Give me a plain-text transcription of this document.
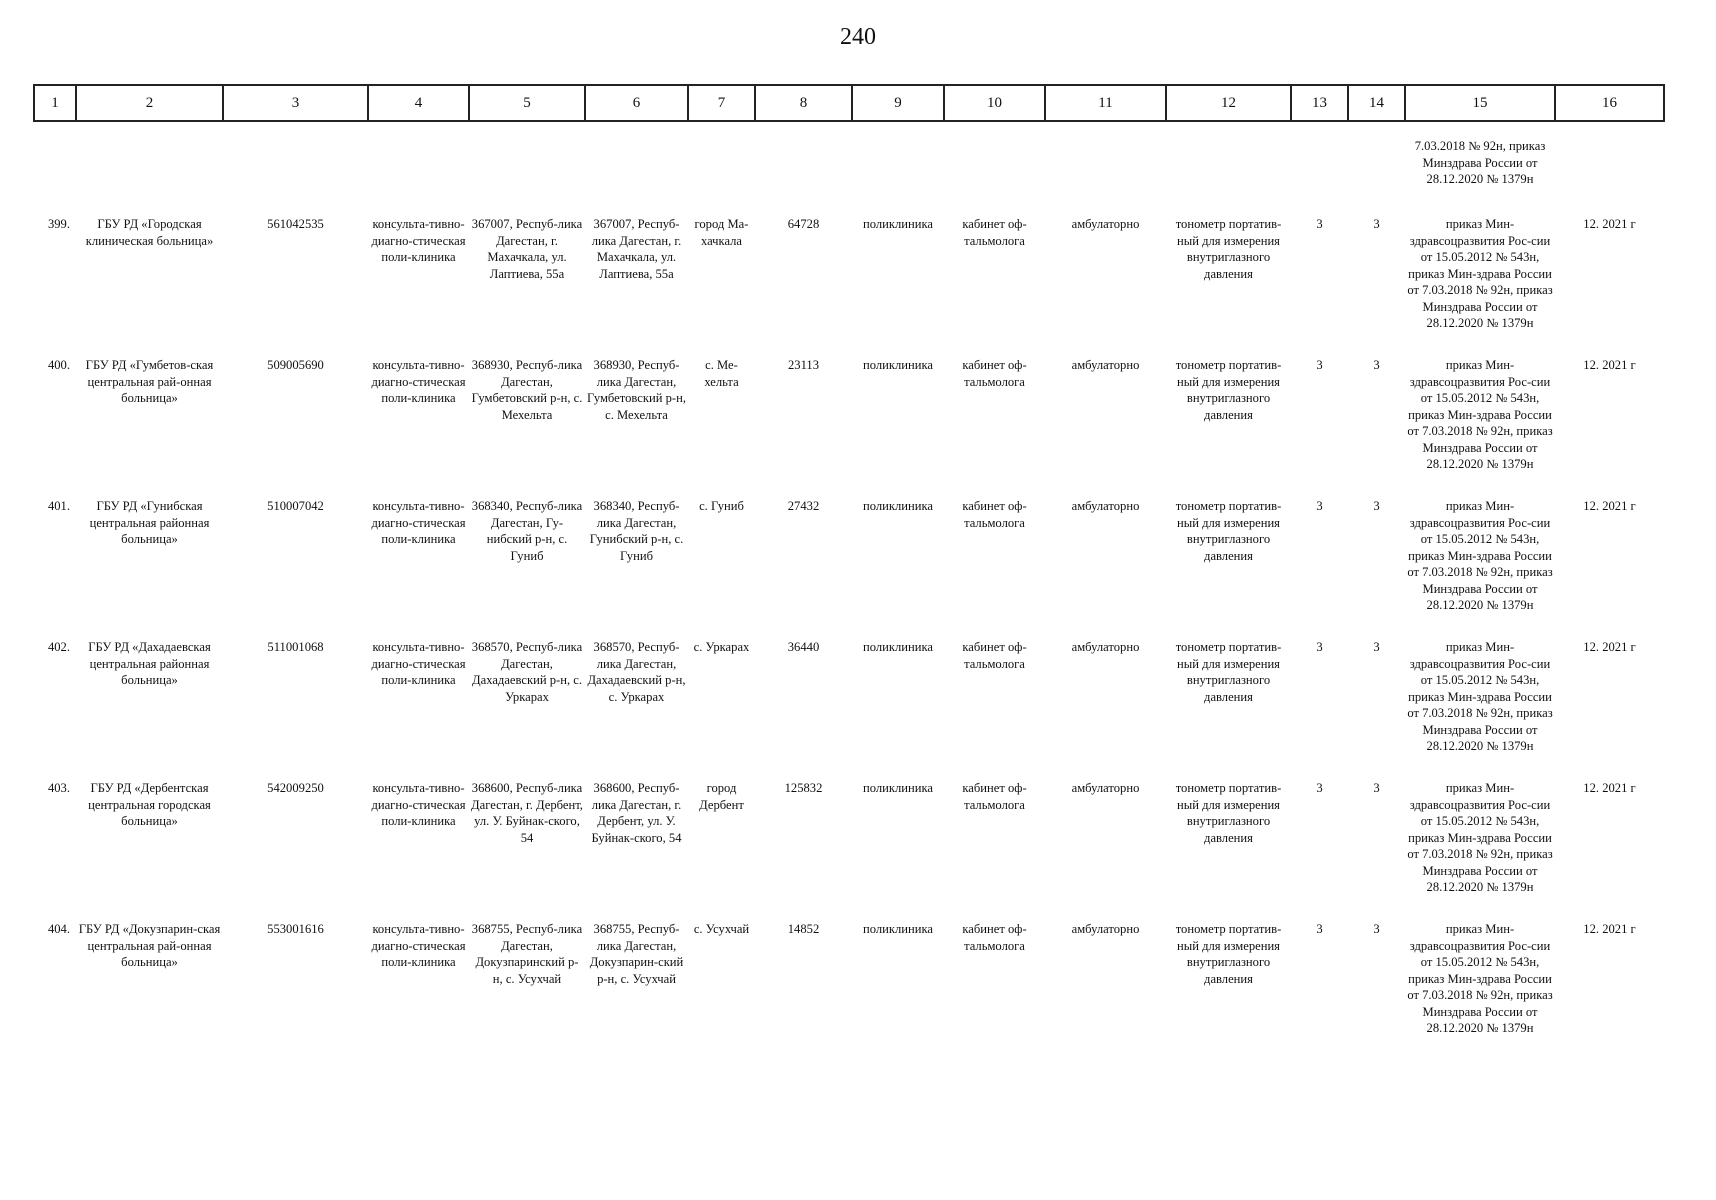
240
1	2	3	4	5	6	7	8	9	10	11	12	13	14	15	16
														7.03.2018 № 92н, приказ Минздрава России от 28.12.2020 № 1379н	
399.	ГБУ РД «Городская клиническая больница»	561042535	консульта-тивно-диагно-стическая поли-клиника	367007, Респуб-лика Дагестан, г. Махачкала, ул. Лаптиева, 55а	367007, Респуб-лика Дагестан, г. Махачкала, ул. Лаптиева, 55а	город Ма-хачкала	64728	поликлиника	кабинет оф-тальмолога	амбулаторно	тонометр портатив-ный для измерения внутриглазного давления	3	3	приказ Мин-здравсоцразвития Рос-сии от 15.05.2012 № 543н, приказ Мин-здрава России от 7.03.2018 № 92н, приказ Минздрава России от 28.12.2020 № 1379н	12. 2021 г
400.	ГБУ РД «Гумбетов-ская центральная рай-онная больница»	509005690	консульта-тивно-диагно-стическая поли-клиника	368930, Респуб-лика Дагестан, Гумбетовский р-н, с. Мехельта	368930, Респуб-лика Дагестан, Гумбетовский р-н, с. Мехельта	с. Ме-хельта	23113	поликлиника	кабинет оф-тальмолога	амбулаторно	тонометр портатив-ный для измерения внутриглазного давления	3	3	приказ Мин-здравсоцразвития Рос-сии от 15.05.2012 № 543н, приказ Мин-здрава России от 7.03.2018 № 92н, приказ Минздрава России от 28.12.2020 № 1379н	12. 2021 г
401.	ГБУ РД «Гунибская центральная районная больница»	510007042	консульта-тивно-диагно-стическая поли-клиника	368340, Респуб-лика Дагестан, Гу-нибский р-н, с. Гуниб	368340, Респуб-лика Дагестан, Гунибский р-н, с. Гуниб	с. Гуниб	27432	поликлиника	кабинет оф-тальмолога	амбулаторно	тонометр портатив-ный для измерения внутриглазного давления	3	3	приказ Мин-здравсоцразвития Рос-сии от 15.05.2012 № 543н, приказ Мин-здрава России от 7.03.2018 № 92н, приказ Минздрава России от 28.12.2020 № 1379н	12. 2021 г
402.	ГБУ РД «Дахадаевская центральная районная больница»	511001068	консульта-тивно-диагно-стическая поли-клиника	368570, Респуб-лика Дагестан, Дахадаевский р-н, с. Уркарах	368570, Респуб-лика Дагестан, Дахадаевский р-н, с. Уркарах	с. Уркарах	36440	поликлиника	кабинет оф-тальмолога	амбулаторно	тонометр портатив-ный для измерения внутриглазного давления	3	3	приказ Мин-здравсоцразвития Рос-сии от 15.05.2012 № 543н, приказ Мин-здрава России от 7.03.2018 № 92н, приказ Минздрава России от 28.12.2020 № 1379н	12. 2021 г
403.	ГБУ РД «Дербентская центральная городская больница»	542009250	консульта-тивно-диагно-стическая поли-клиника	368600, Респуб-лика Дагестан, г. Дербент, ул. У. Буйнак-ского, 54	368600, Респуб-лика Дагестан, г. Дербент, ул. У. Буйнак-ского, 54	город Дербент	125832	поликлиника	кабинет оф-тальмолога	амбулаторно	тонометр портатив-ный для измерения внутриглазного давления	3	3	приказ Мин-здравсоцразвития Рос-сии от 15.05.2012 № 543н, приказ Мин-здрава России от 7.03.2018 № 92н, приказ Минздрава России от 28.12.2020 № 1379н	12. 2021 г
404.	ГБУ РД «Докузпарин-ская центральная рай-онная больница»	553001616	консульта-тивно-диагно-стическая поли-клиника	368755, Респуб-лика Дагестан, Докузпаринский р-н, с. Усухчай	368755, Респуб-лика Дагестан, Докузпарин-ский р-н, с. Усухчай	с. Усухчай	14852	поликлиника	кабинет оф-тальмолога	амбулаторно	тонометр портатив-ный для измерения внутриглазного давления	3	3	приказ Мин-здравсоцразвития Рос-сии от 15.05.2012 № 543н, приказ Мин-здрава России от 7.03.2018 № 92н, приказ Минздрава России от 28.12.2020 № 1379н	12. 2021 г
